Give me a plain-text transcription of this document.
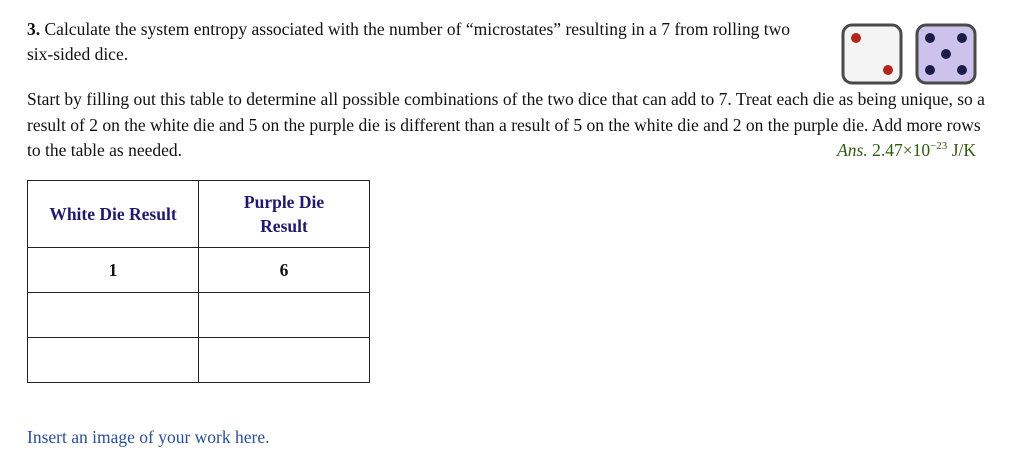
3. Calculate the system entropy associated with the number of “microstates” resulting in a 7 from rolling two six-sided dice.
Start by filling out this table to determine all possible combinations of the two dice that can add to 7. Treat each die as being unique, so a result of 2 on the white die and 5 on the purple die is different than a result of 5 on the white die and 2 on the purple die. Add more rows to the table as needed.	Ans. $2.47\times 10^{-23}$ J/K
White Die Result	Purple Die Result
1	6

Insert an image of your work here.
